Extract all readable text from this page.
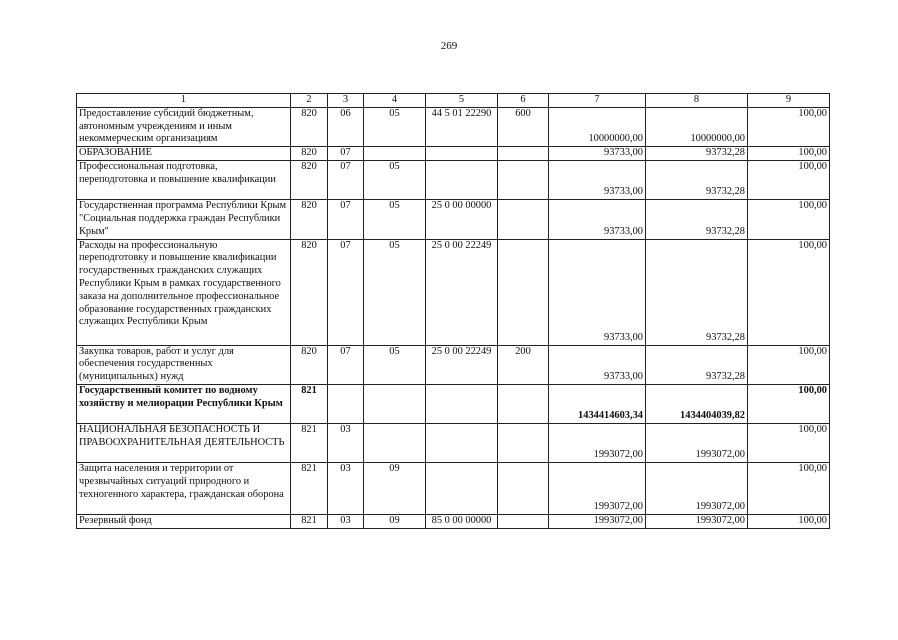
269
1	2	3	4	5	6	7	8	9
Предоставление субсидий бюджетным, автономным учреждениям и иным некоммерческим организациям	820	06	05	44 5 01 22290	600	10000000,00	10000000,00	100,00
ОБРАЗОВАНИЕ	820	07				93733,00	93732,28	100,00
Профессиональная подготовка, переподготовка и повышение квалификации	820	07	05			93733,00	93732,28	100,00
Государственная программа Республики Крым "Социальная поддержка граждан Республики Крым"	820	07	05	25 0 00 00000		93733,00	93732,28	100,00
Расходы на профессиональную переподготовку и повышение квалификации государственных гражданских служащих Республики Крым в рамках государственного заказа на дополнительное профессиональное образование государственных гражданских служащих Республики Крым	820	07	05	25 0 00 22249		93733,00	93732,28	100,00
Закупка товаров, работ и услуг для обеспечения государственных (муниципальных) нужд	820	07	05	25 0 00 22249	200	93733,00	93732,28	100,00
Государственный комитет по водному хозяйству и мелиорации Республики Крым	821					1434414603,34	1434404039,82	100,00
НАЦИОНАЛЬНАЯ БЕЗОПАСНОСТЬ И ПРАВООХРАНИТЕЛЬНАЯ ДЕЯТЕЛЬНОСТЬ	821	03				1993072,00	1993072,00	100,00
Защита населения и территории от чрезвычайных ситуаций природного и техногенного характера, гражданская оборона	821	03	09			1993072,00	1993072,00	100,00
Резервный фонд	821	03	09	85 0 00 00000		1993072,00	1993072,00	100,00
